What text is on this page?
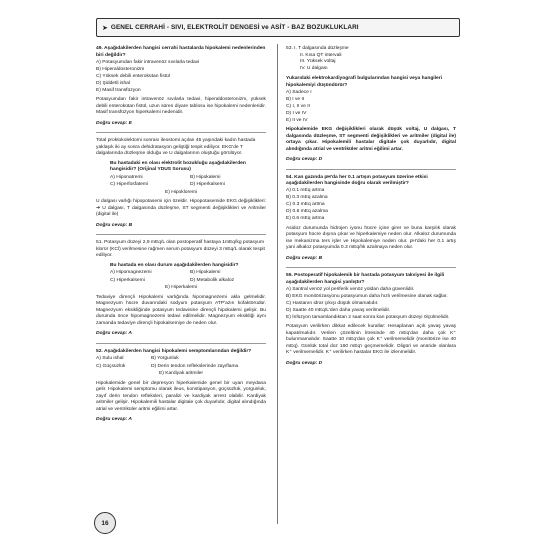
➤ GENEL CERRAHİ - SIVI, ELEKTROLİT DENGESİ ve ASİT - BAZ BOZUKLUKLARI
49. Aşağıdakilerden hangisi cerrahi hastalarda hipokalemi nedenlerinden biri değildir?
A) Potasyumdan fakir intravenöz sıvılarla tedavi
B) Hiperaldosteronizm
C) Yüksek debili enterokütan fistül
D) Şiddetli ishal
E) Masif transfüzyon
Potasyumdan fakir intravenöz sıvılarla tedavi, hiperaldosteronizm, yüksek debili enterokütan fistül, uzun süren diyare tablosu ise hipokalemi nedenleridir. Masif transfüzyon hiperkalemi nedenidir.
Doğru cevap: E
Total proktokolektomi sonrası ileostomi açılan 45 yaşındaki kadın hastada yaklaşık iki ay sonra dehidratasyon geliştiği tespit ediliyor. EKG'de T dalgalarında düzleşme olduğu ve U dalgalarının oluştuğu görülüyor.
Bu hastadaki en olası elektrolit bozukluğu aşağıdakilerden hangisidir? (Orijinal YDUS Sorusu)
A) Hiponatremi	B) Hipokalemi
C) Hiperfosfatemi	D) Hiperkalsemi
E) Hipokloremi
U dalgası varlığı hipopotasemi için özeldir. Hipopotasemide EKG değişiklikleri: ➔ U dalgası, T dalgasında düzleşme, ST segmenti değişiklikleri ve Aritmiler (digital ile)
Doğru cevap: B
51. Potasyum düzeyi 2,9 mEq/L olan postoperatif hastaya 1mEq/kg potasyum klorür (KCl) verilmesine rağmen serum potasyum düzeyi 3 mEq/L olarak tespit ediliyor.
Bu hastada en olası durum aşağıdakilerden hangisidir?
A) Hipomagnezemi	B) Hipokalemi
C) Hiperkalsemi	D) Metabolik alkaloz
E) Hiperkalemi
Tedaviye dirençli Hipokalemi varlığında hipomagnezemi akla gelmelidir. Magnezyum hücre duvarındaki sodyum potasyum ATP'azın kofaktörüdür. Magnezyum eksikliğinde potasyum tedavisine dirençli hipokalemi gelişir. Bu durumda önce hipomagnezemi tedavi edilmelidir. Magnezyum eksikliği aynı zamanda tedaviye dirençli hipokalsemiye de neden olur.
Doğru cevap: A
52. Aşağıdakilerden hangisi hipokalemi semptomlarından değildir?
A) Sulu ishal	B) Yorgunluk
C) Güçsüzlük	D) Derin tendon reflekslerinde zayıflama
E) Kardiyak aritmiler
Hipokalemide genel bir depresyon hiperkalemide genel bir uyarı meydana gelir. Hipokalemi semptomu olarak ileus, konstipasyon, güçsüzlük, yorgunluk, zayıf derin tendon refleksleri, paralizi ve kardiyak arrest olabilir. Kardiyak aritmiler gelişir. Hipokalemili hastalar digitale çok duyarlıdır, digital alındığında atrial ve ventriküler aritmi eğilimi artar.
Doğru cevap: A
53. I. T dalgasında düzleşme
II. Kısa QT intervali
III. Yüksek voltaj
IV. U dalgası
Yukarıdaki elektrokardiyografi bulgularından hangisi veya hangileri hipokalemiyi düşündürür?
A) Sadece I
B) I ve II
C) I, II ve II
D) I ve IV
E) II ve IV
Hipokalemide EKG değişiklikleri olarak düşük voltaj, U dalgası, T dalgasında düzleşme, ST segmenti değişiklikleri ve aritmiler (digital ile) ortaya çıkar. Hipokalemili hastalar digitale çok duyarlıdır, digital alındığında atrial ve ventriküler aritmi eğilimi artar.
Doğru cevap: D
54. Kan gazında pH'da her 0.1 artışın potasyum üzerine etkisi aşağıdakilerden hangisinde doğru olarak verilmiştir?
A) 0.1 mEq artma
B) 0.3 mEq azalma
C) 0.3 mEq artma
D) 0.6 mEq azalma
E) 0.6 mEq artma
Asidoz durumunda hidrojen iyonu hücre içine girer ve buna karşılık olarak potasyum hücre dışına çıkar ve hiperkalemiye neden olur. Alkaloz durumunda ise mekanizma ters işler ve Hipokalemiye neden olur. pH'daki her 0.1 artış yani alkaloz potasyumda 0.3 mEq/lık azalmaya neden olur.
Doğru cevap: B
55. Postoperatif hipokalemik bir hastada potasyum takviyesi ile ilgili aşağıdakilerden hangisi yanlıştır?
A) Santral venöz yol periferik venöz yoldan daha güvenlidir.
B) EKG monitörizasyonu potasyumun daha hızlı verilmesine olanak sağlar.
C) Hastanın idrar çıkışı düşük olmamalıdır.
D) Saatte 40 mEq/L'den daha yavaş verilmelidir.
E) İnfüzyon tamamlandıktan 2 saat sonra kan potasyum düzeyi ölçülmelidir.
Potasyum verilirken dikkat edilecek kurallar: Hesaplanan açık yavaş yavaş kapatılmalıdır. Verilen çözeltinin litresinde 40 mEq'dan daha çok K⁺ bulunmamalıdır. Saatte 10 mEq'dan çok K⁺ verilmemelidir (monitörize ise 40 mEq). Günlük total doz 160 mEq'ı geçmemelidir. Oligüri ve anüride olanlara K⁺ verilmemelidir. K⁺ verilirken hastalar EKG ile izlenmelidir.
Doğru cevap: D
16
